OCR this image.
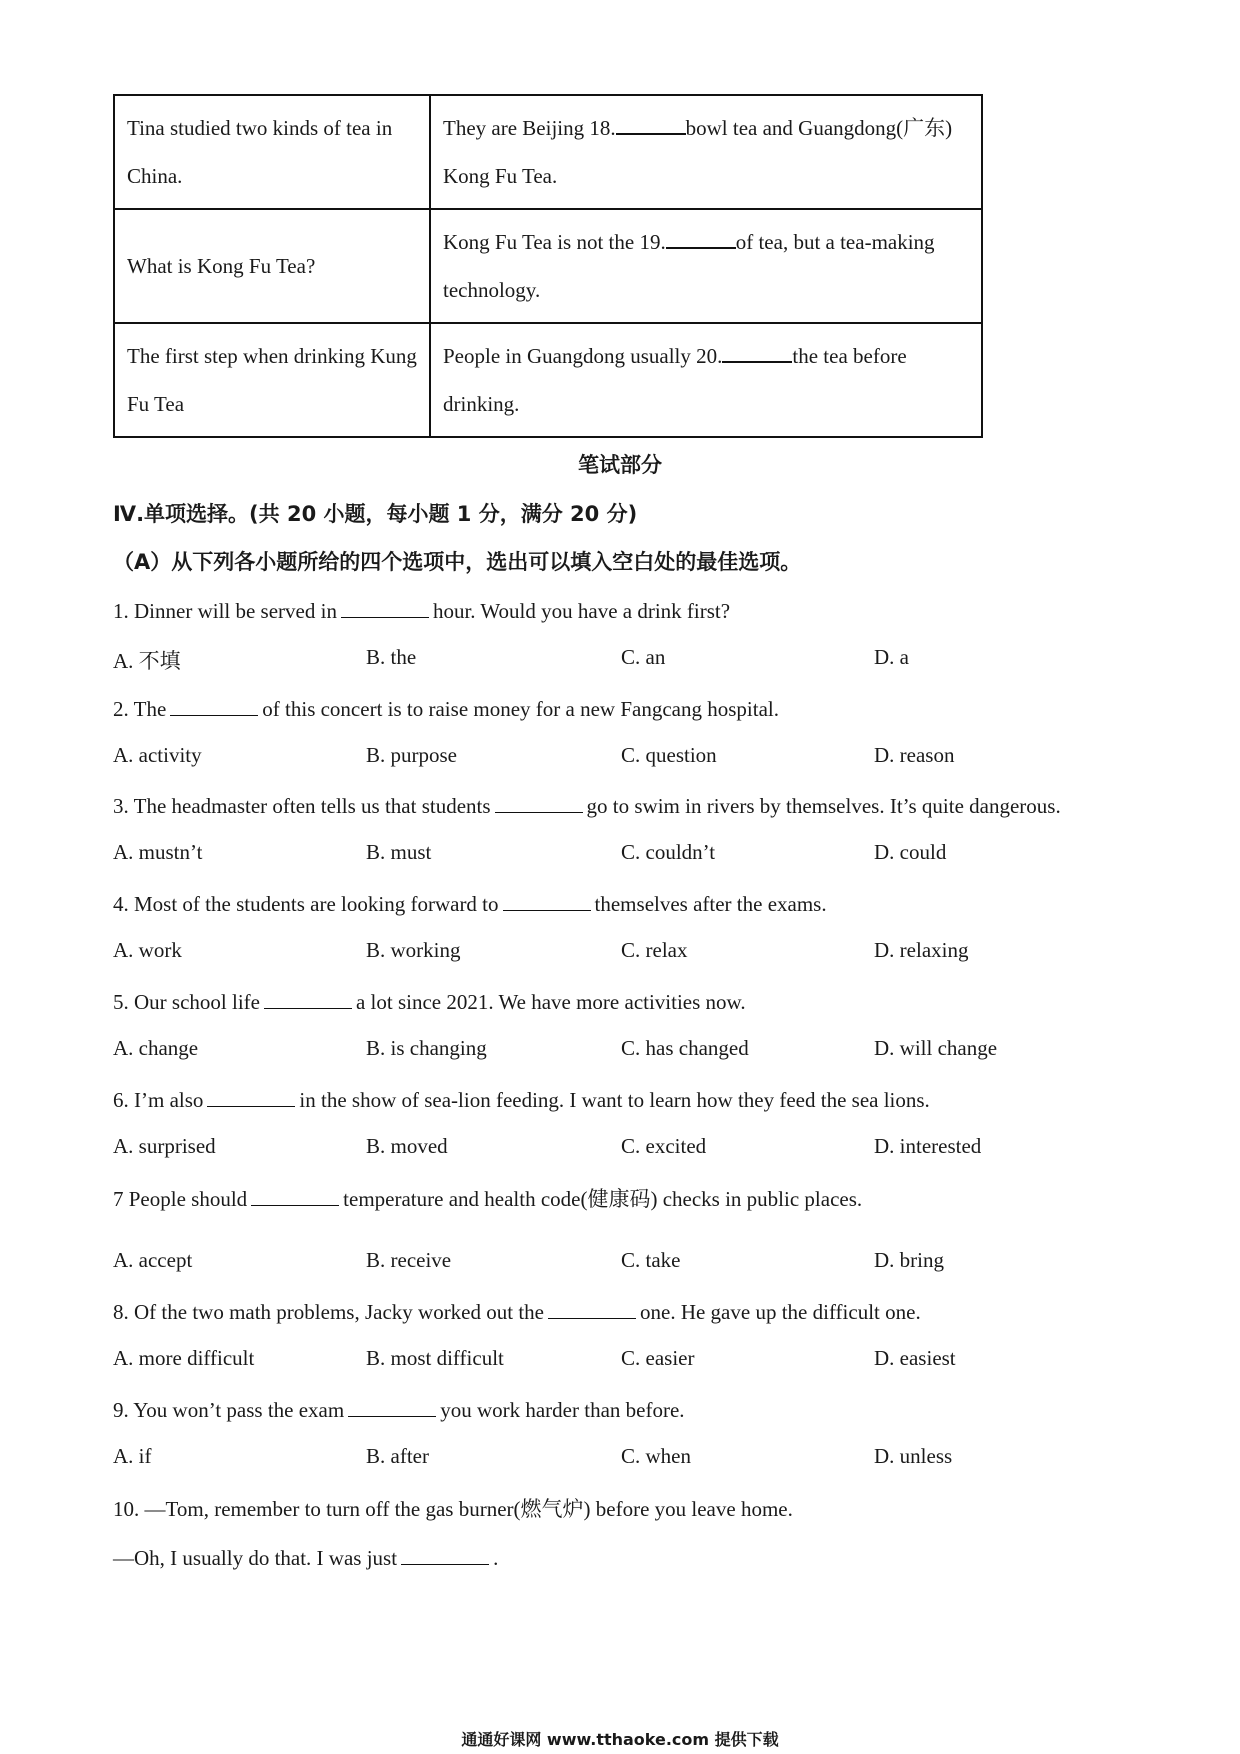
Tina studied two kinds of tea in China.	They are Beijing 18. bowl tea and Guangdong(广东) Kong Fu Tea.
What is Kong Fu Tea?	Kong Fu Tea is not the 19. of tea, but a tea-making technology.
The first step when drinking Kung Fu Tea	People in Guangdong usually 20. the tea before drinking.
笔试部分
Ⅳ.单项选择。(共 20 小题，每小题 1 分，满分 20 分)
（A）从下列各小题所给的四个选项中，选出可以填入空白处的最佳选项。
1. Dinner will be served in	hour. Would you have a drink first?
A. 不填	B. the	C. an	D. a
2. The	of this concert is to raise money for a new Fangcang hospital.
A. activity	B. purpose	C. question	D. reason
3. The headmaster often tells us that students	go to swim in rivers by themselves. It’s quite dangerous.
A. mustn’t	B. must	C. couldn’t	D. could
4. Most of the students are looking forward to	themselves after the exams.
A. work	B. working	C. relax	D. relaxing
5. Our school life	a lot since 2021. We have more activities now.
A. change	B. is changing	C. has changed	D. will change
6. I’m also	in the show of sea-lion feeding. I want to learn how they feed the sea lions.
A. surprised	B. moved	C. excited	D. interested
7 People should	temperature and health code(健康码) checks in public places.
A. accept	B. receive	C. take	D. bring
8. Of the two math problems, Jacky worked out the	one. He gave up the difficult one.
A. more difficult	B. most difficult	C. easier	D. easiest
9. You won’t pass the exam	you work harder than before.
A. if	B. after	C. when	D. unless
10. —Tom, remember to turn off the gas burner(燃气炉) before you leave home.
—Oh, I usually do that. I was just	.
通通好课网 www.tthaoke.com 提供下载
